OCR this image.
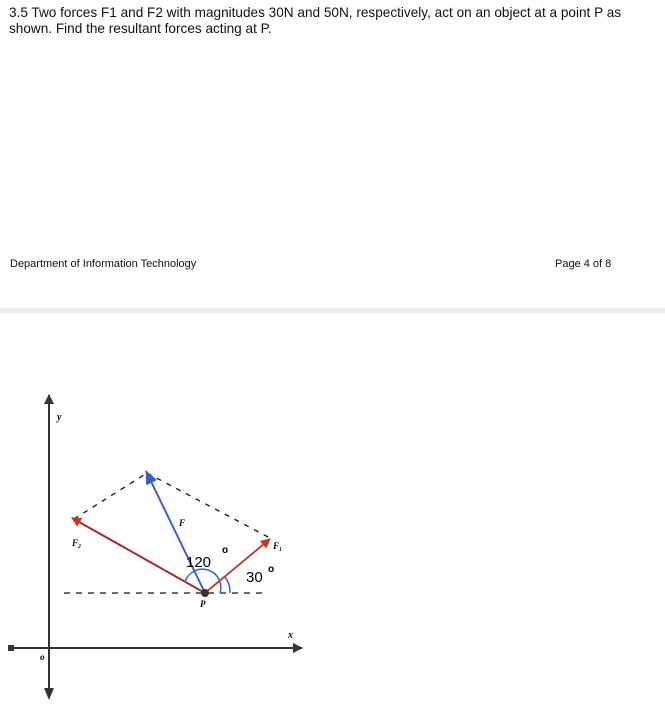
3.5 Two forces F1 and F2 with magnitudes 30N and 50N, respectively, act on an object at a point P as shown. Find the resultant forces acting at P.

Department of Information Technology	Page 4 of 8
y
x
o
F₂	F₁
F
P
120
o
30 o
